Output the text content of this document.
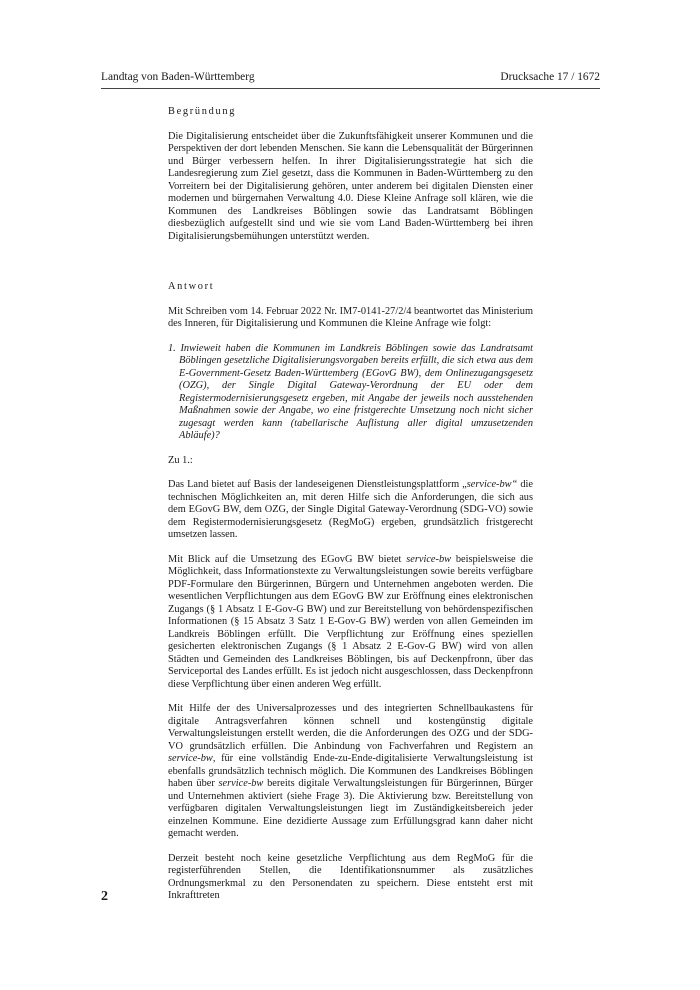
Landtag von Baden-Württemberg	Drucksache 17 / 1672

Begründung

Die Digitalisierung entscheidet über die Zukunftsfähigkeit unserer Kommunen und die Perspektiven der dort lebenden Menschen. Sie kann die Lebensqualität der Bürgerinnen und Bürger verbessern helfen. In ihrer Digitalisierungsstrategie hat sich die Landesregierung zum Ziel gesetzt, dass die Kommunen in Baden-Württemberg zu den Vorreitern bei der Digitalisierung gehören, unter anderem bei digitalen Diensten einer modernen und bürgernahen Verwaltung 4.0. Diese Kleine Anfrage soll klären, wie die Kommunen des Landkreises Böblingen sowie das Landratsamt Böblingen diesbezüglich aufgestellt sind und wie sie vom Land Baden-Württemberg bei ihren Digitalisierungsbemühungen unterstützt werden.

Antwort

Mit Schreiben vom 14. Februar 2022 Nr. IM7-0141-27/2/4 beantwortet das Ministerium des Inneren, für Digitalisierung und Kommunen die Kleine Anfrage wie folgt:

1. Inwieweit haben die Kommunen im Landkreis Böblingen sowie das Landratsamt Böblingen gesetzliche Digitalisierungsvorgaben bereits erfüllt, die sich etwa aus dem E-Government-Gesetz Baden-Württemberg (EGovG BW), dem Onlinezugangsgesetz (OZG), der Single Digital Gateway-Verordnung der EU oder dem Registermodernisierungsgesetz ergeben, mit Angabe der jeweils noch ausstehenden Maßnahmen sowie der Angabe, wo eine fristgerechte Umsetzung noch nicht sicher zugesagt werden kann (tabellarische Auflistung aller digital umzusetzenden Abläufe)?

Zu 1.:

Das Land bietet auf Basis der landeseigenen Dienstleistungsplattform „service-bw“ die technischen Möglichkeiten an, mit deren Hilfe sich die Anforderungen, die sich aus dem EGovG BW, dem OZG, der Single Digital Gateway-Verordnung (SDG-VO) sowie dem Registermodernisierungsgesetz (RegMoG) ergeben, grundsätzlich fristgerecht umsetzen lassen.

Mit Blick auf die Umsetzung des EGovG BW bietet service-bw beispielsweise die Möglichkeit, dass Informationstexte zu Verwaltungsleistungen sowie bereits verfügbare PDF-Formulare den Bürgerinnen, Bürgern und Unternehmen angeboten werden. Die wesentlichen Verpflichtungen aus dem EGovG BW zur Eröffnung eines elektronischen Zugangs (§ 1 Absatz 1 E-Gov-G BW) und zur Bereitstellung von behördenspezifischen Informationen (§ 15 Absatz 3 Satz 1 E-Gov-G BW) werden von allen Gemeinden im Landkreis Böblingen erfüllt. Die Verpflichtung zur Eröffnung eines speziellen gesicherten elektronischen Zugangs (§ 1 Absatz 2 E-Gov-G BW) wird von allen Städten und Gemeinden des Landkreises Böblingen, bis auf Deckenpfronn, über das Serviceportal des Landes erfüllt. Es ist jedoch nicht ausgeschlossen, dass Deckenpfronn diese Verpflichtung über einen anderen Weg erfüllt.

Mit Hilfe der des Universalprozesses und des integrierten Schnellbaukastens für digitale Antragsverfahren können schnell und kostengünstig digitale Verwaltungsleistungen erstellt werden, die die Anforderungen des OZG und der SDG-VO grundsätzlich erfüllen. Die Anbindung von Fachverfahren und Registern an service-bw, für eine vollständig Ende-zu-Ende-digitalisierte Verwaltungsleistung ist ebenfalls grundsätzlich technisch möglich. Die Kommunen des Landkreises Böblingen haben über service-bw bereits digitale Verwaltungsleistungen für Bürgerinnen, Bürger und Unternehmen aktiviert (siehe Frage 3). Die Aktivierung bzw. Bereitstellung von verfügbaren digitalen Verwaltungsleistungen liegt im Zuständigkeitsbereich jeder einzelnen Kommune. Eine dezidierte Aussage zum Erfüllungsgrad kann daher nicht gemacht werden.

Derzeit besteht noch keine gesetzliche Verpflichtung aus dem RegMoG für die registerführenden Stellen, die Identifikationsnummer als zusätzliches Ordnungsmerkmal zu den Personendaten zu speichern. Diese entsteht erst mit Inkrafttreten

2
